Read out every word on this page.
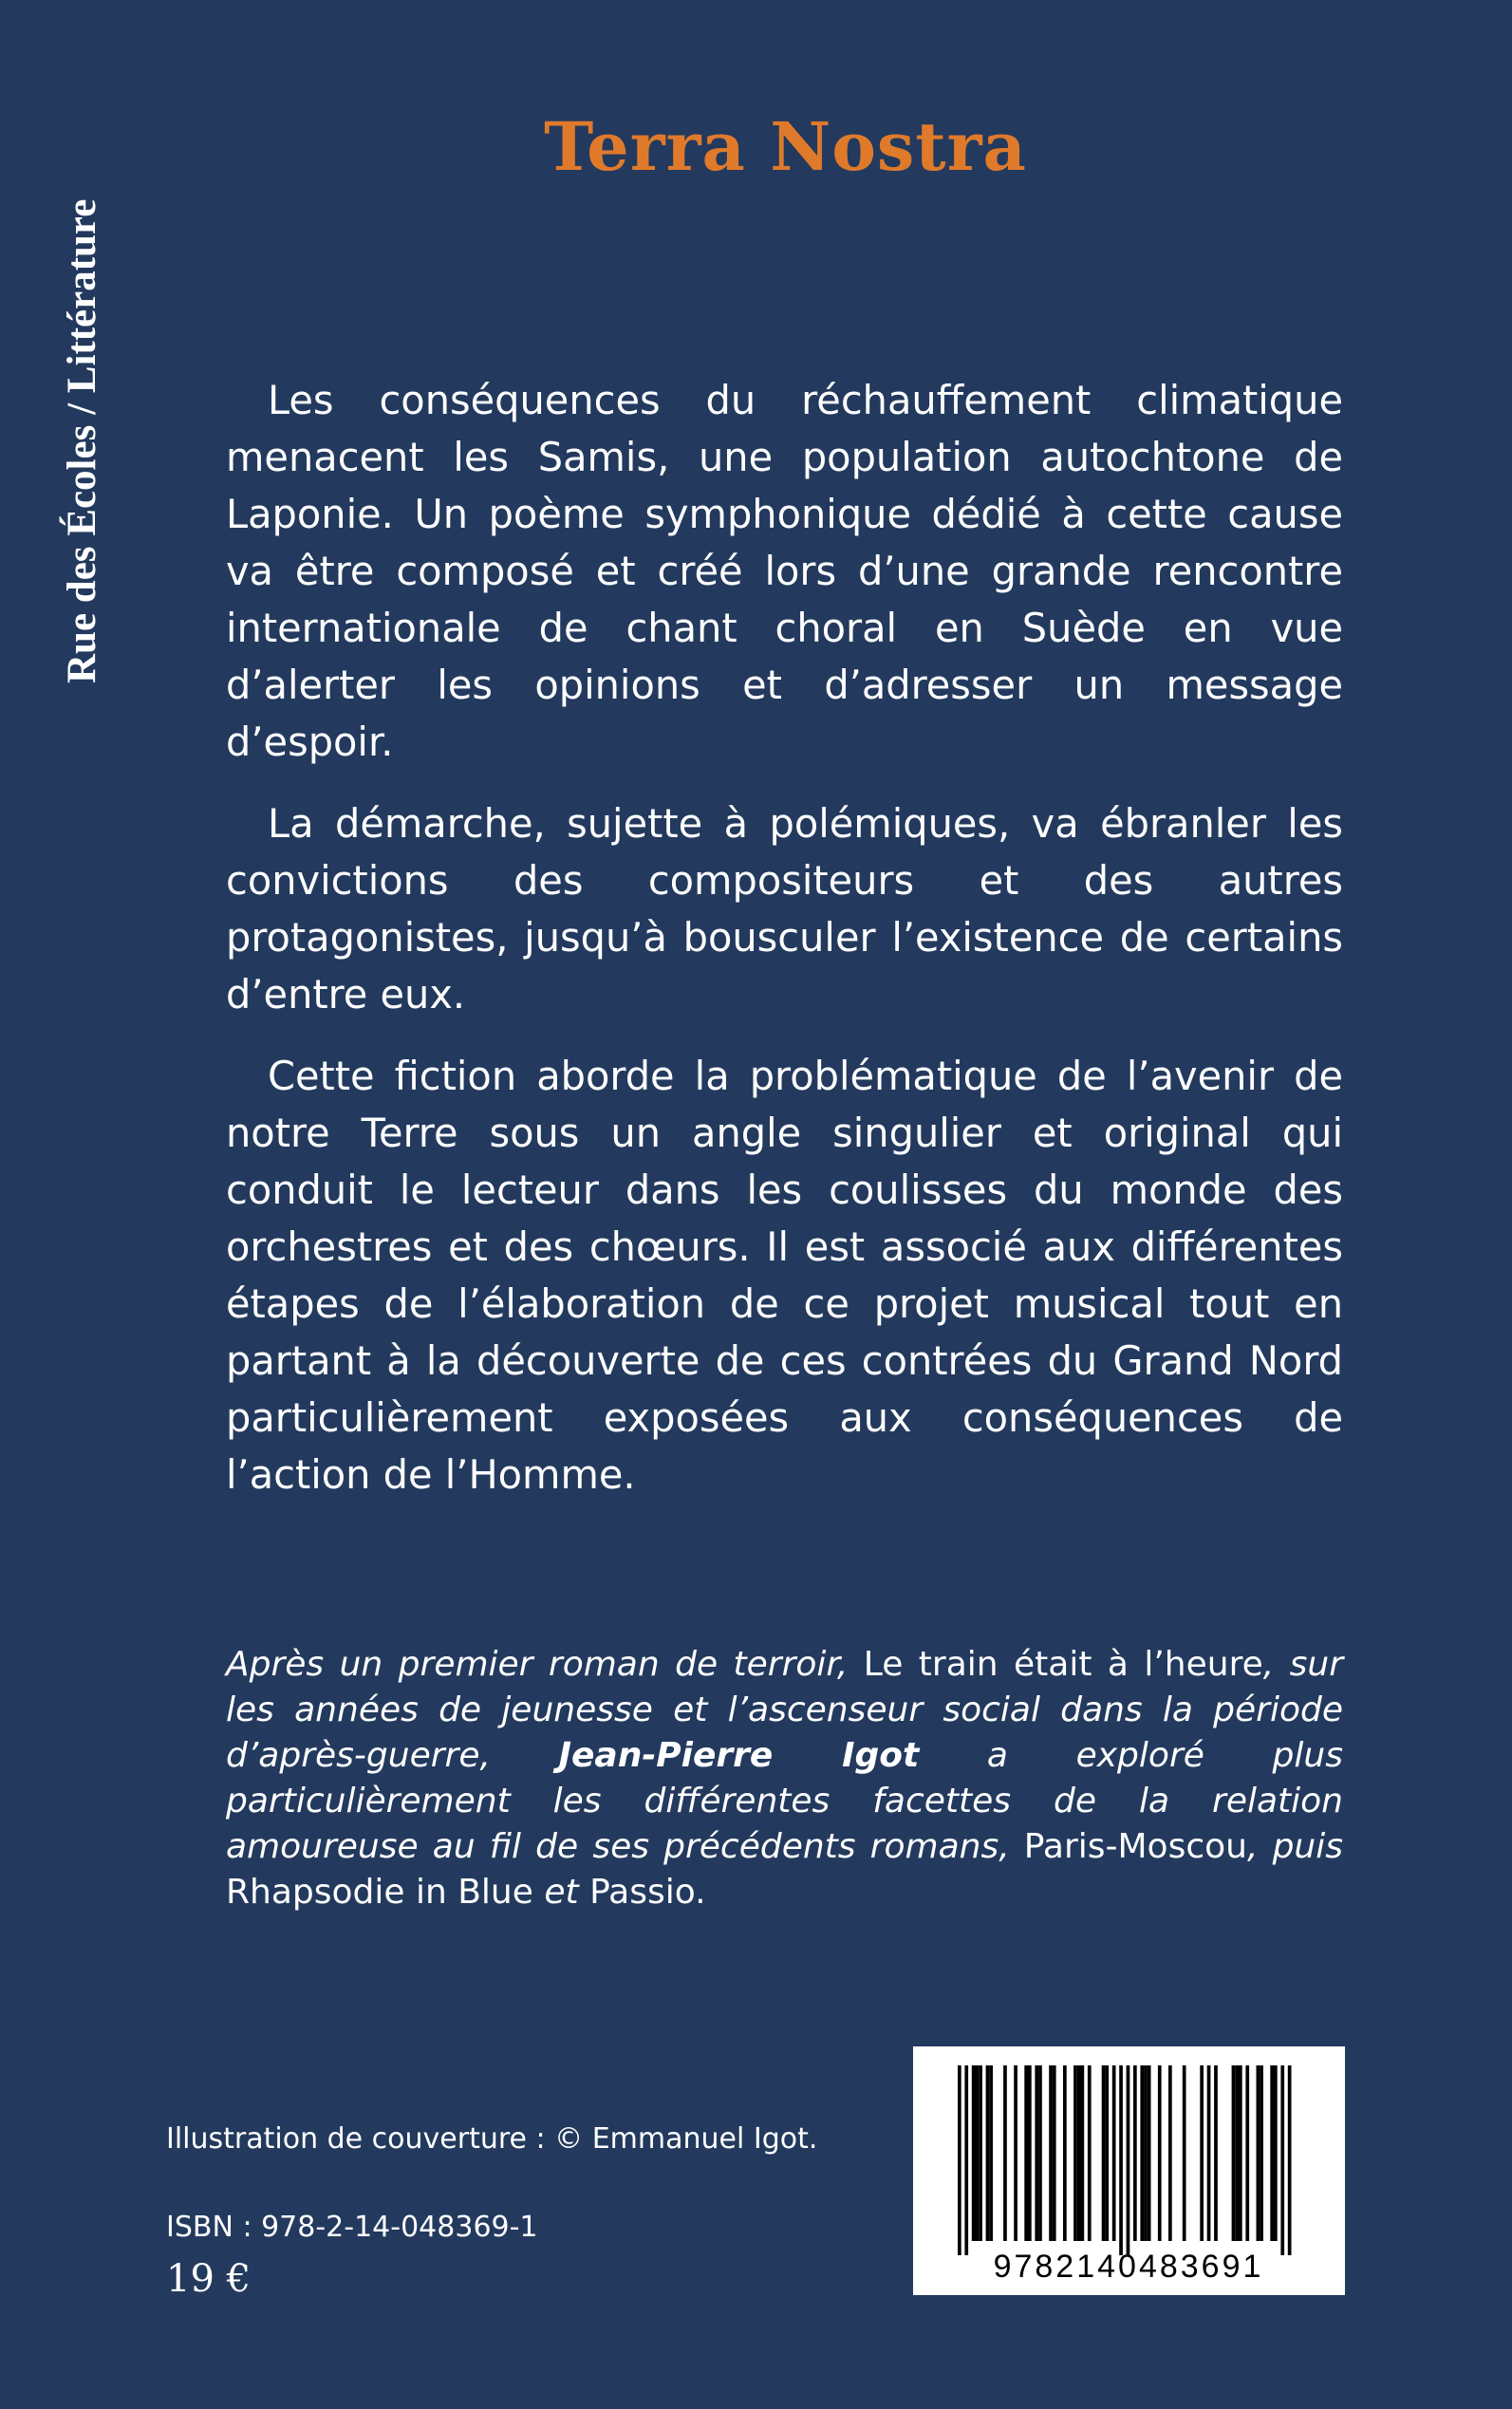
Rue des Écoles / Littérature
Terra Nostra

Les conséquences du réchauffement climatique menacent les Samis, une population autochtone de Laponie. Un poème symphonique dédié à cette cause va être composé et créé lors d’une grande rencontre internationale de chant choral en Suède en vue d’alerter les opinions et d’adresser un message d’espoir.

La démarche, sujette à polémiques, va ébranler les convictions des compositeurs et des autres protagonistes, jusqu’à bousculer l’existence de certains d’entre eux.

Cette fiction aborde la problématique de l’avenir de notre Terre sous un angle singulier et original qui conduit le lecteur dans les coulisses du monde des orchestres et des chœurs. Il est associé aux différentes étapes de l’élaboration de ce projet musical tout en partant à la découverte de ces contrées du Grand Nord particulièrement exposées aux conséquences de l’action de l’Homme.

Après un premier roman de terroir, Le train était à l’heure, sur les années de jeunesse et l’ascenseur social dans la période d’après-guerre, Jean-Pierre Igot a exploré plus particulièrement les différentes facettes de la relation amoureuse au fil de ses précédents romans, Paris-Moscou, puis Rhapsodie in Blue et Passio.
Illustration de couverture : © Emmanuel Igot.
ISBN : 978-2-14-048369-1
19 €	9782140483691
